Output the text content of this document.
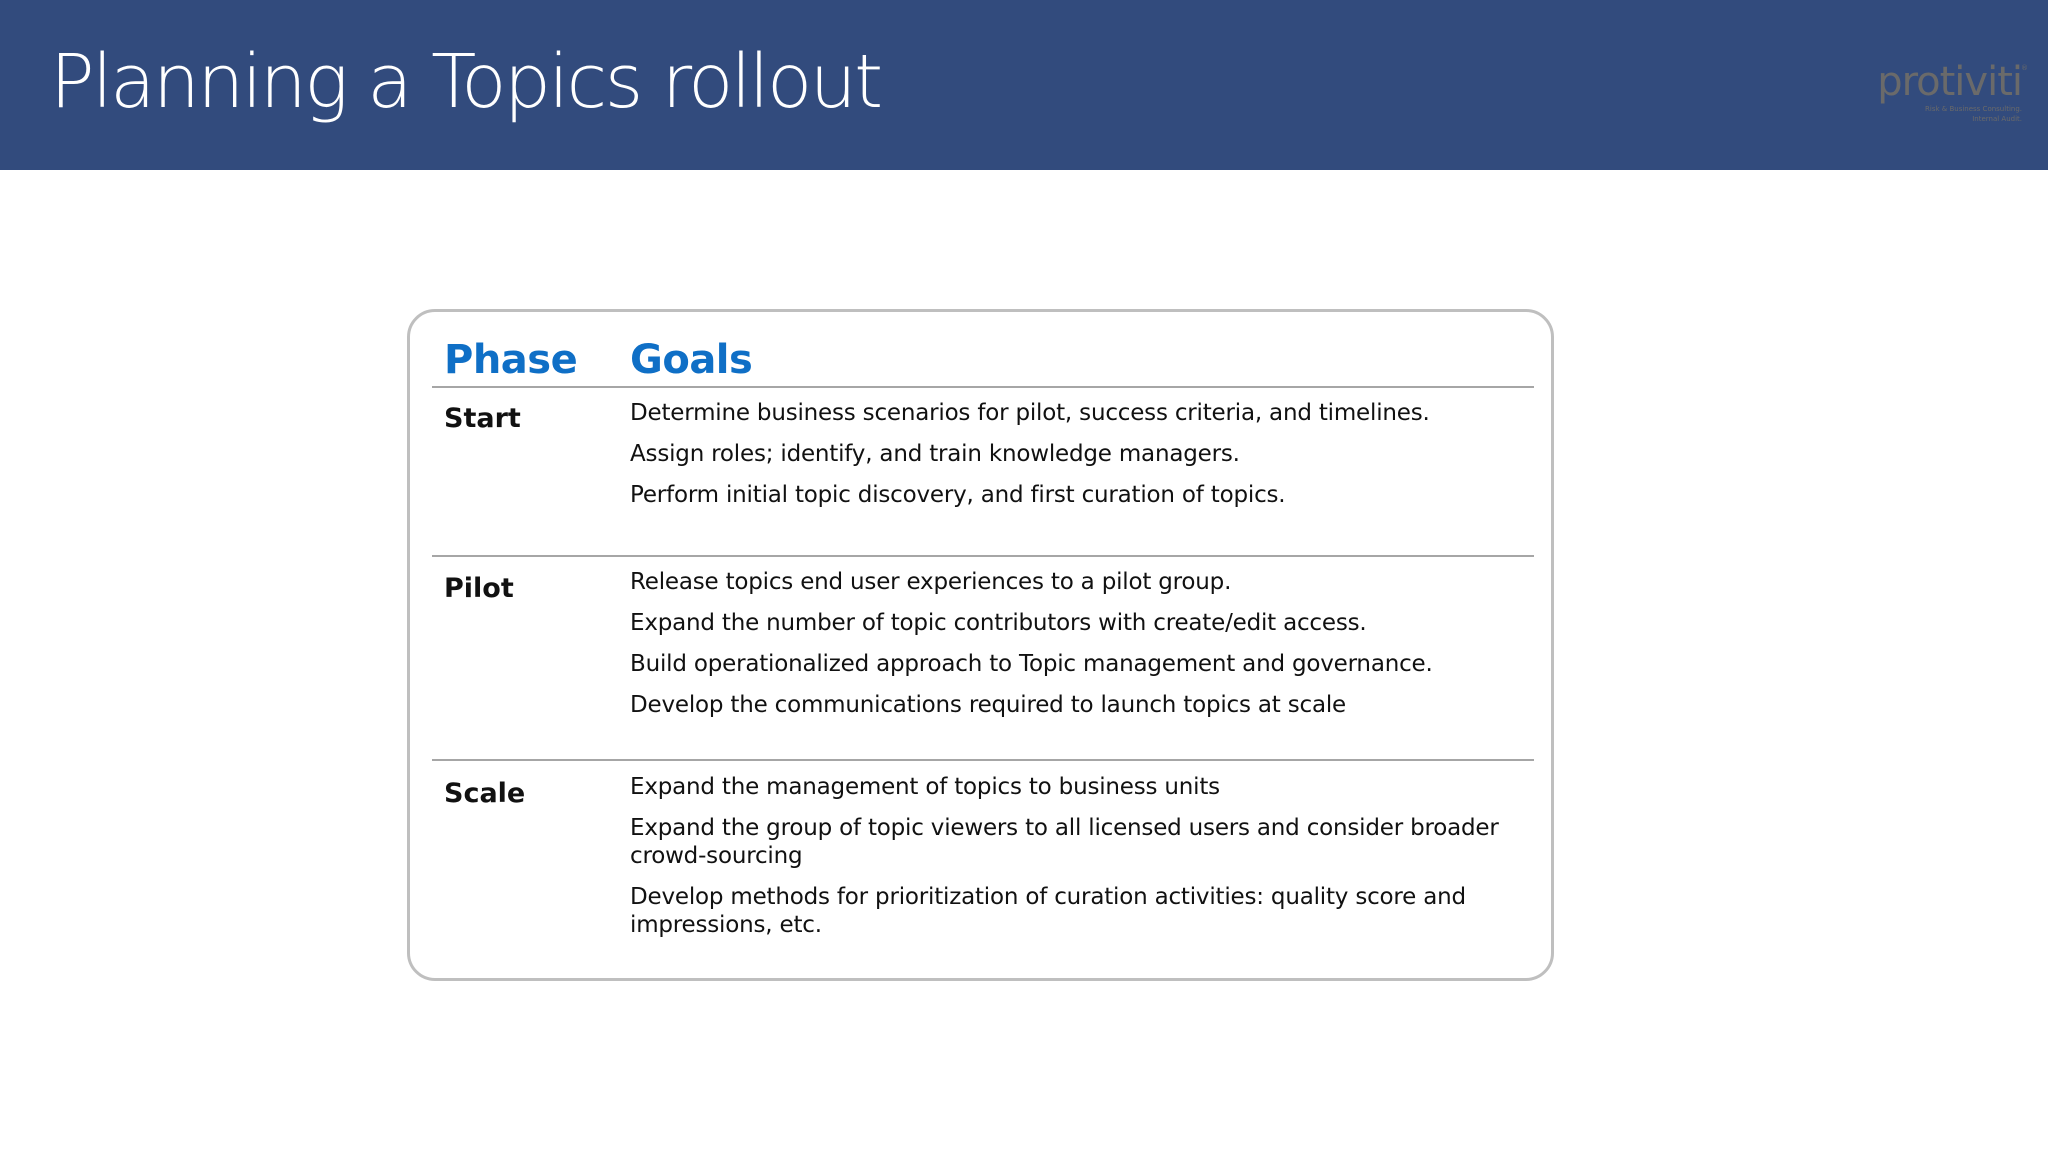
Planning a Topics rollout	®
protiviti
Risk & Business Consulting.
Internal Audit.
Phase Goals
Start	Determine business scenarios for pilot, success criteria, and timelines.
Assign roles; identify, and train knowledge managers.
Perform initial topic discovery, and first curation of topics.
Pilot	Release topics end user experiences to a pilot group.
Expand the number of topic contributors with create/edit access.
Build operationalized approach to Topic management and governance.
Develop the communications required to launch topics at scale
Scale	Expand the management of topics to business units
Expand the group of topic viewers to all licensed users and consider broader crowd-sourcing
Develop methods for prioritization of curation activities: quality score and impressions, etc.
